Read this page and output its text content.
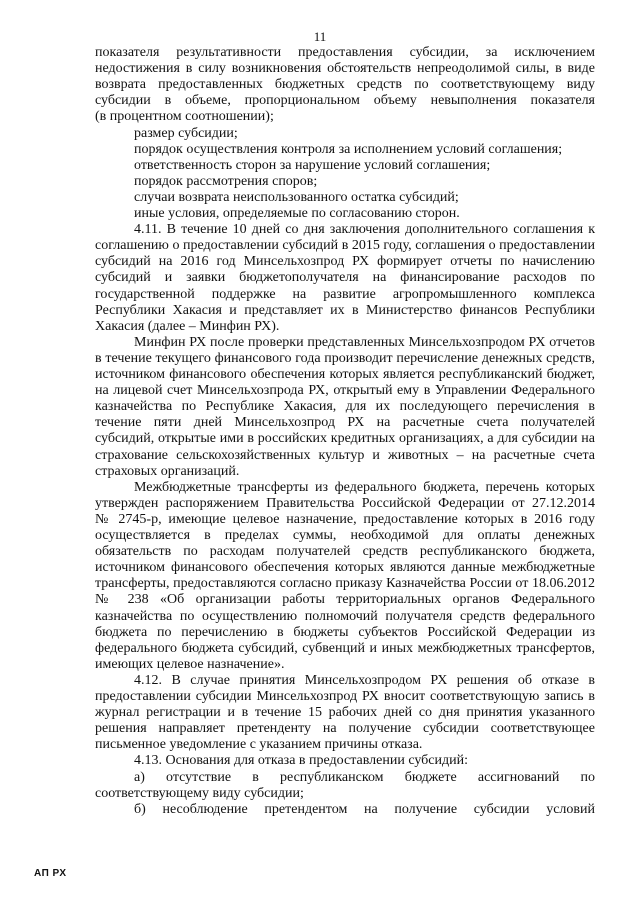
11
показателя результативности предоставления субсидии, за исключением
недостижения в силу возникновения обстоятельств непреодолимой силы, в виде
возврата предоставленных бюджетных средств по соответствующему виду
субсидии в объеме, пропорциональном объему невыполнения показателя
(в процентном соотношении);
размер субсидии;
порядок осуществления контроля за исполнением условий соглашения;
ответственность сторон за нарушение условий соглашения;
порядок рассмотрения споров;
случаи возврата неиспользованного остатка субсидий;
иные условия, определяемые по согласованию сторон.
4.11. В течение 10 дней со дня заключения дополнительного соглашения к
соглашению о предоставлении субсидий в 2015 году, соглашения о предоставлении
субсидий на 2016 год Минсельхозпрод РХ формирует отчеты по начислению
субсидий и заявки бюджетополучателя на финансирование расходов по
государственной поддержке на развитие агропромышленного комплекса
Республики Хакасия и представляет их в Министерство финансов Республики
Хакасия (далее – Минфин РХ).
Минфин РХ после проверки представленных Минсельхозпродом РХ отчетов
в течение текущего финансового года производит перечисление денежных средств,
источником финансового обеспечения которых является республиканский бюджет,
на лицевой счет Минсельхозпрода РХ, открытый ему в Управлении Федерального
казначейства по Республике Хакасия, для их последующего перечисления в
течение пяти дней Минсельхозпрод РХ на расчетные счета получателей
субсидий, открытые ими в российских кредитных организациях, а для субсидии на
страхование сельскохозяйственных культур и животных – на расчетные счета
страховых организаций.
Межбюджетные трансферты из федерального бюджета, перечень которых
утвержден распоряжением Правительства Российской Федерации от 27.12.2014
№ 2745-р, имеющие целевое назначение, предоставление которых в 2016 году
осуществляется в пределах суммы, необходимой для оплаты денежных
обязательств по расходам получателей средств республиканского бюджета,
источником финансового обеспечения которых являются данные межбюджетные
трансферты, предоставляются согласно приказу Казначейства России от 18.06.2012
№ 238 «Об организации работы территориальных органов Федерального
казначейства по осуществлению полномочий получателя средств федерального
бюджета по перечислению в бюджеты субъектов Российской Федерации из
федерального бюджета субсидий, субвенций и иных межбюджетных трансфертов,
имеющих целевое назначение».
4.12. В случае принятия Минсельхозпродом РХ решения об отказе в
предоставлении субсидии Минсельхозпрод РХ вносит соответствующую запись в
журнал регистрации и в течение 15 рабочих дней со дня принятия указанного
решения направляет претенденту на получение субсидии соответствующее
письменное уведомление с указанием причины отказа.
4.13. Основания для отказа в предоставлении субсидий:
а) отсутствие в республиканском бюджете ассигнований по
соответствующему виду субсидии;
б) несоблюдение претендентом на получение субсидии условий
АП РХ
